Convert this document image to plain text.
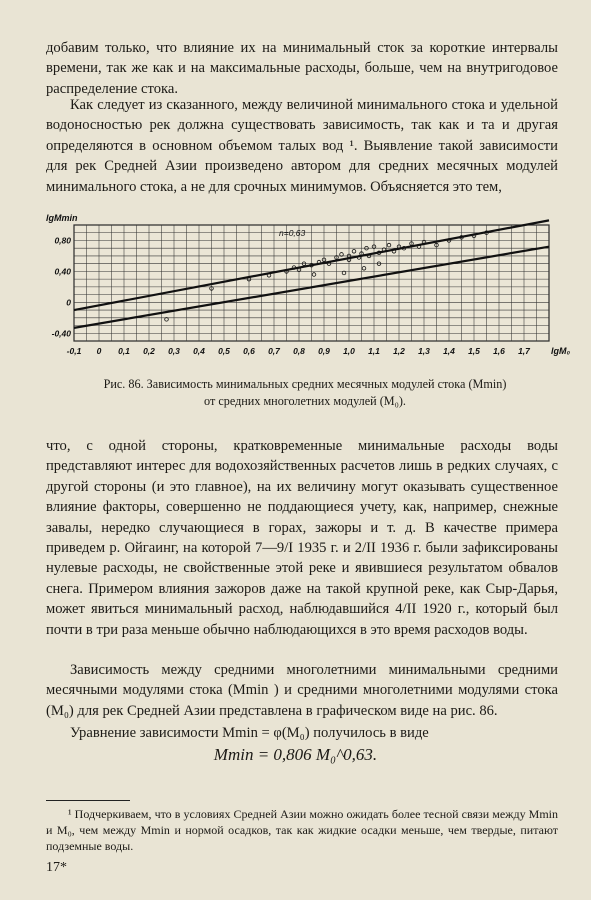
добавим только, что влияние их на минимальный сток за короткие интервалы времени, так же как и на максимальные расходы, больше, чем на внутригодовое распределение стока.

Как следует из сказанного, между величиной минимального стока и удельной водоносностью рек должна существовать зависимость, так как и та и другая определяются в основном объемом талых вод ¹. Выявление такой зависимости для рек Средней Азии произведено автором для средних месячных модулей минимального стока, а не для срочных минимумов. Объясняется это тем,

-0,1 0 0,1 0,2 0,3 0,4 0,5 0,6 0,7 0,8 0,9 1,0 1,1 1,2 1,3 1,4 1,5 1,6 1,7
0,80
0,40
0
-0,40
lgMmin
lgM₀
n=0,63
Рис. 86. Зависимость минимальных средних месячных модулей стока (Mmin)
от средних многолетних модулей (M₀).

что, с одной стороны, кратковременные минимальные расходы воды представляют интерес для водохозяйственных расчетов лишь в редких случаях, с другой стороны (и это главное), на их величину могут оказывать существенное влияние факторы, совершенно не поддающиеся учету, как, например, снежные завалы, нередко случающиеся в горах, зажоры и т. д. В качестве примера приведем р. Ойгаинг, на которой 7—9/I 1935 г. и 2/II 1936 г. были зафиксированы нулевые расходы, не свойственные этой реке и явившиеся результатом обвалов снега. Примером влияния зажоров даже на такой крупной реке, как Сыр-Дарья, может явиться минимальный расход, наблюдавшийся 4/II 1920 г., который был почти в три раза меньше обычно наблюдающихся в это время расходов воды.

Зависимость между средними многолетними минимальными средними месячными модулями стока (Mmin ) и средними многолетними модулями стока (M₀) для рек Средней Азии представлена в графическом виде на рис. 86.

Уравнение зависимости Mmin = φ(M₀) получилось в виде

Mmin = 0,806 M₀^0,63.

¹ Подчеркиваем, что в условиях Средней Азии можно ожидать более тесной связи между Mmin и M₀, чем между Mmin и нормой осадков, так как жидкие осадки меньше, чем твердые, питают подземные воды.

17*
